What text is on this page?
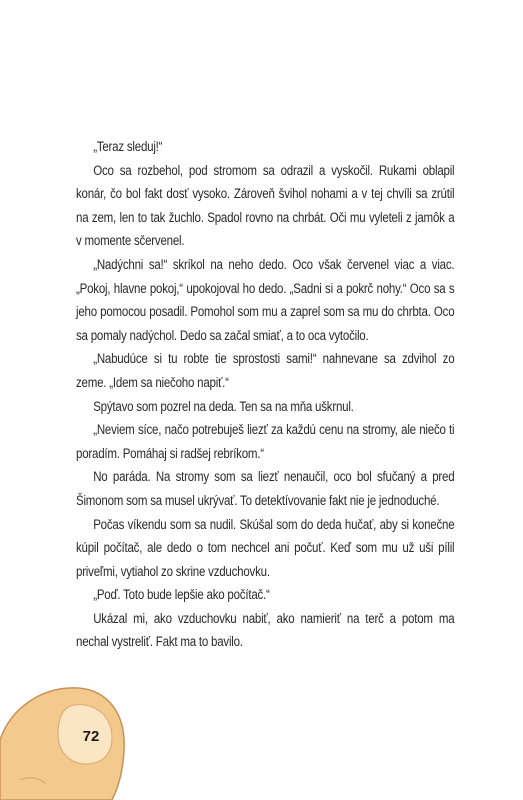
„Teraz sleduj!“

Oco sa rozbehol, pod stromom sa odrazil a vyskočil. Rukami oblapil konár, čo bol fakt dosť vysoko. Zároveň švihol nohami a v tej chvíli sa zrútil na zem, len to tak žuchlo. Spadol rovno na chrbát. Oči mu vyleteli z jamôk a v momente sčervenel.

„Nadýchni sa!“ skríkol na neho dedo. Oco však červenel viac a viac. „Pokoj, hlavne pokoj,“ upokojoval ho dedo. „Sadni si a pokrč nohy.“ Oco sa s jeho pomocou posadil. Pomohol som mu a zaprel som sa mu do chrbta. Oco sa pomaly nadýchol. Dedo sa začal smiať, a to oca vytočilo.

„Nabudúce si tu robte tie sprostosti sami!“ nahnevane sa zdvihol zo zeme. „Idem sa niečoho napiť.“

Spýtavo som pozrel na deda. Ten sa na mňa uškrnul.

„Neviem síce, načo potrebuješ liezť za každú cenu na stromy, ale niečo ti poradím. Pomáhaj si radšej rebríkom.“

No paráda. Na stromy som sa liezť nenaučil, oco bol sfučaný a pred Šimonom som sa musel ukrývať. To detektívovanie fakt nie je jednoduché.

Počas víkendu som sa nudil. Skúšal som do deda hučať, aby si konečne kúpil počítač, ale dedo o tom nechcel ani počuť. Keď som mu už uši pílil priveľmi, vytiahol zo skrine vzduchovku.

„Poď. Toto bude lepšie ako počítač.“

Ukázal mi, ako vzduchovku nabiť, ako namieriť na terč a potom ma nechal vystreliť. Fakt ma to bavilo.

72
